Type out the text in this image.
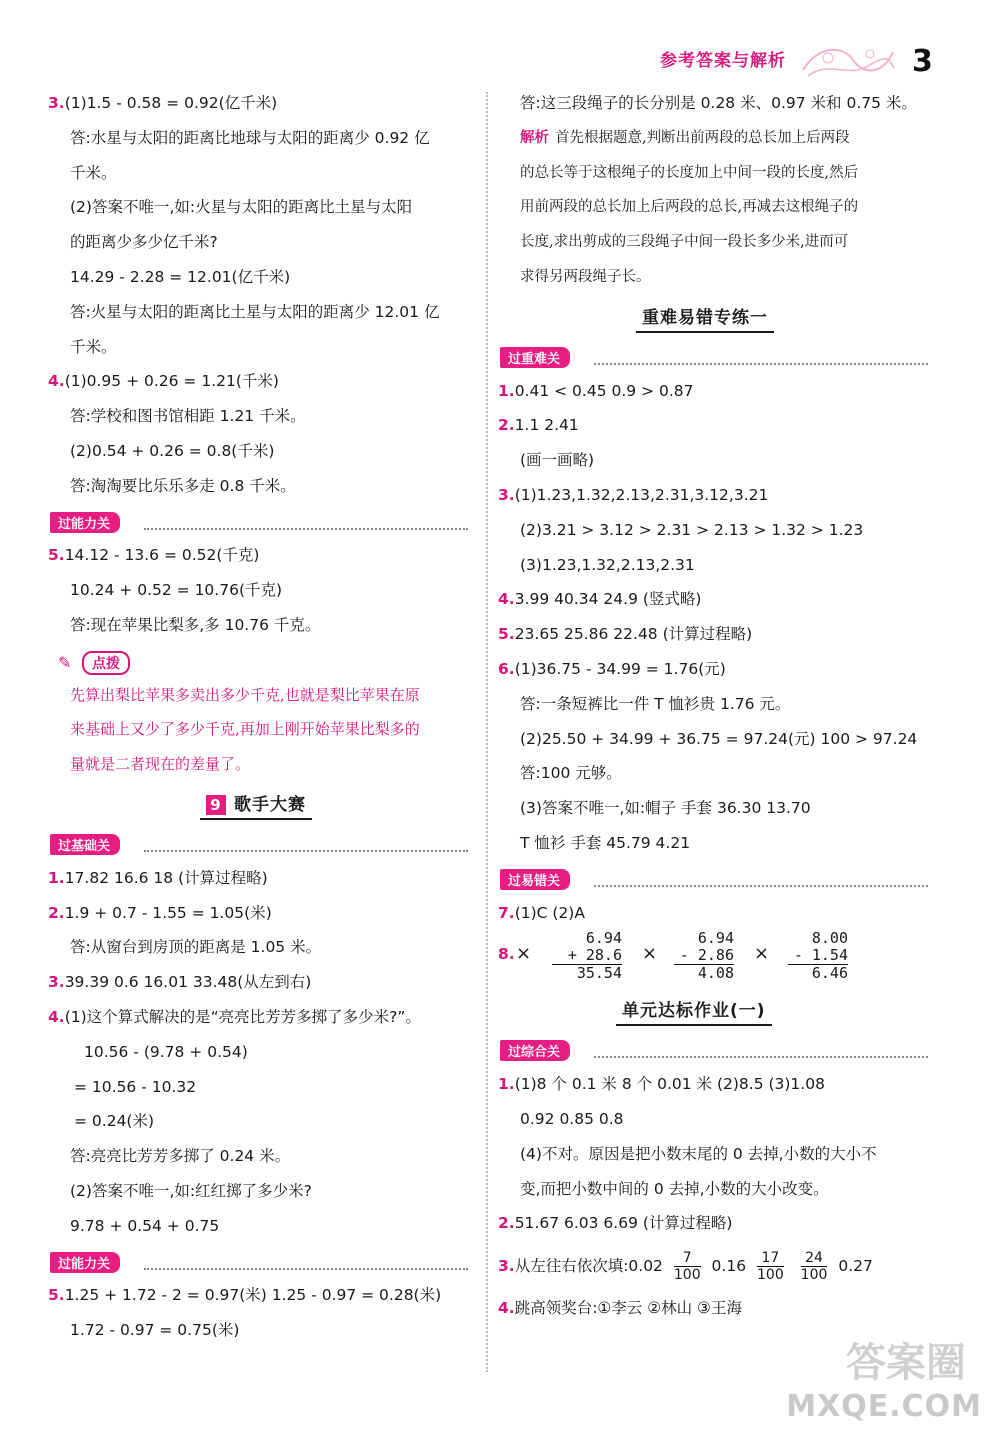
参考答案与解析	3
3.(1)1.5 - 0.58 = 0.92(亿千米)
答:水星与太阳的距离比地球与太阳的距离少 0.92 亿
千米。
(2)答案不唯一,如:火星与太阳的距离比土星与太阳
的距离少多少亿千米?
14.29 - 2.28 = 12.01(亿千米)
答:火星与太阳的距离比土星与太阳的距离少 12.01 亿
千米。
4.(1)0.95 + 0.26 = 1.21(千米)
答:学校和图书馆相距 1.21 千米。
(2)0.54 + 0.26 = 0.8(千米)
答:淘淘要比乐乐多走 0.8 千米。
过能力关
5.14.12 - 13.6 = 0.52(千克)
10.24 + 0.52 = 10.76(千克)
答:现在苹果比梨多,多 10.76 千克。
✎	点拨
先算出梨比苹果多卖出多少千克,也就是梨比苹果在原
来基础上又少了多少千克,再加上刚开始苹果比梨多的
量就是二者现在的差量了。
9 歌手大赛
过基础关
1.17.82 16.6 18 (计算过程略)
2.1.9 + 0.7 - 1.55 = 1.05(米)
答:从窗台到房顶的距离是 1.05 米。
3.39.39 0.6 16.01 33.48(从左到右)
4.(1)这个算式解决的是“亮亮比芳芳多掷了多少米?”。
10.56 - (9.78 + 0.54)
= 10.56 - 10.32
= 0.24(米)
答:亮亮比芳芳多掷了 0.24 米。
(2)答案不唯一,如:红红掷了多少米?
9.78 + 0.54 + 0.75
过能力关
5.1.25 + 1.72 - 2 = 0.97(米) 1.25 - 0.97 = 0.28(米)
1.72 - 0.97 = 0.75(米)
答:这三段绳子的长分别是 0.28 米、0.97 米和 0.75 米。
解析 首先根据题意,判断出前两段的总长加上后两段
的总长等于这根绳子的长度加上中间一段的长度,然后
用前两段的总长加上后两段的总长,再减去这根绳子的
长度,求出剪成的三段绳子中间一段长多少米,进而可
求得另两段绳子长。
重难易错专练一
过重难关
1.0.41 < 0.45 0.9 > 0.87
2.1.1 2.41
(画一画略)
3.(1)1.23,1.32,2.13,2.31,3.12,3.21
(2)3.21 > 3.12 > 2.31 > 2.13 > 1.32 > 1.23
(3)1.23,1.32,2.13,2.31
4.3.99 40.34 24.9 (竖式略)
5.23.65 25.86 22.48 (计算过程略)
6.(1)36.75 - 34.99 = 1.76(元)
答:一条短裤比一件 T 恤衫贵 1.76 元。
(2)25.50 + 34.99 + 36.75 = 97.24(元) 100 > 97.24
答:100 元够。
(3)答案不唯一,如:帽子 手套 36.30 13.70
T 恤衫 手套 45.79 4.21
过易错关
7.(1)C (2)A
8. ×
6.94
+ 28.6
35.54
×
6.94
- 2.86
4.08
×
8.00
- 1.54
6.46
单元达标作业(一)
过综合关
1.(1)8 个 0.1 米 8 个 0.01 米 (2)8.5 (3)1.08
0.92 0.85 0.8
(4)不对。原因是把小数末尾的 0 去掉,小数的大小不
变,而把小数中间的 0 去掉,小数的大小改变。
2.51.67 6.03 6.69 (计算过程略)
3.从左往右依次填:0.02 $\frac{7}{100} 0.16 \frac{17}{100}$
$\frac{24}{100} 0.27$
4.跳高领奖台:①李云 ②林山 ③王海
答案圈
MXQE.COM
